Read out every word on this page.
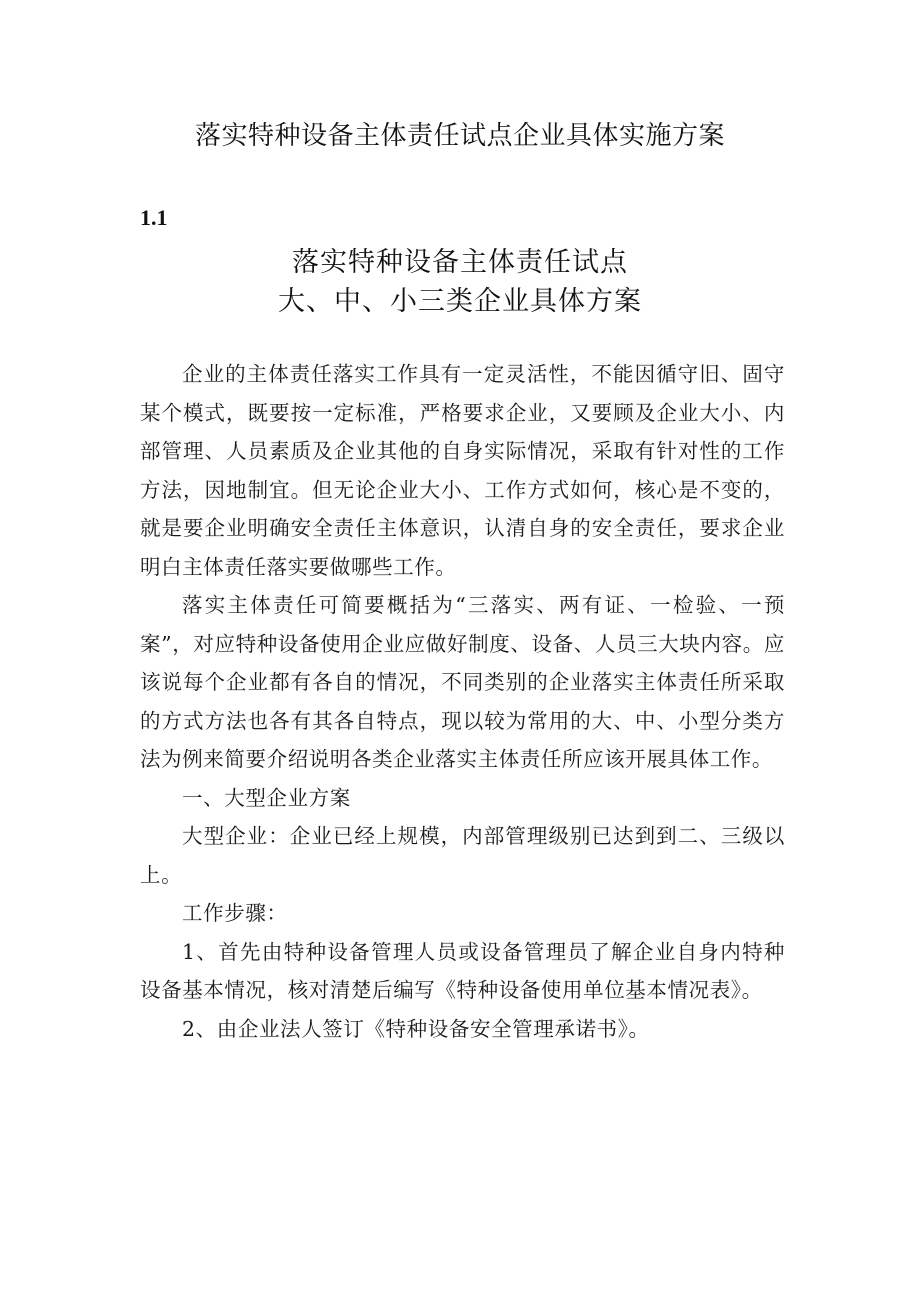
落实特种设备主体责任试点企业具体实施方案
1.1
落实特种设备主体责任试点
大、中、小三类企业具体方案

企业的主体责任落实工作具有一定灵活性，不能因循守旧、固守某个模式，既要按一定标准，严格要求企业，又要顾及企业大小、内部管理、人员素质及企业其他的自身实际情况，采取有针对性的工作方法，因地制宜。但无论企业大小、工作方式如何，核心是不变的，就是要企业明确安全责任主体意识，认清自身的安全责任，要求企业明白主体责任落实要做哪些工作。

落实主体责任可简要概括为“三落实、两有证、一检验、一预案”，对应特种设备使用企业应做好制度、设备、人员三大块内容。应该说每个企业都有各自的情况，不同类别的企业落实主体责任所采取的方式方法也各有其各自特点，现以较为常用的大、中、小型分类方法为例来简要介绍说明各类企业落实主体责任所应该开展具体工作。

一、大型企业方案

大型企业：企业已经上规模，内部管理级别已达到到二、三级以上。

工作步骤：

1、首先由特种设备管理人员或设备管理员了解企业自身内特种设备基本情况，核对清楚后编写《特种设备使用单位基本情况表》。

2、由企业法人签订《特种设备安全管理承诺书》。
